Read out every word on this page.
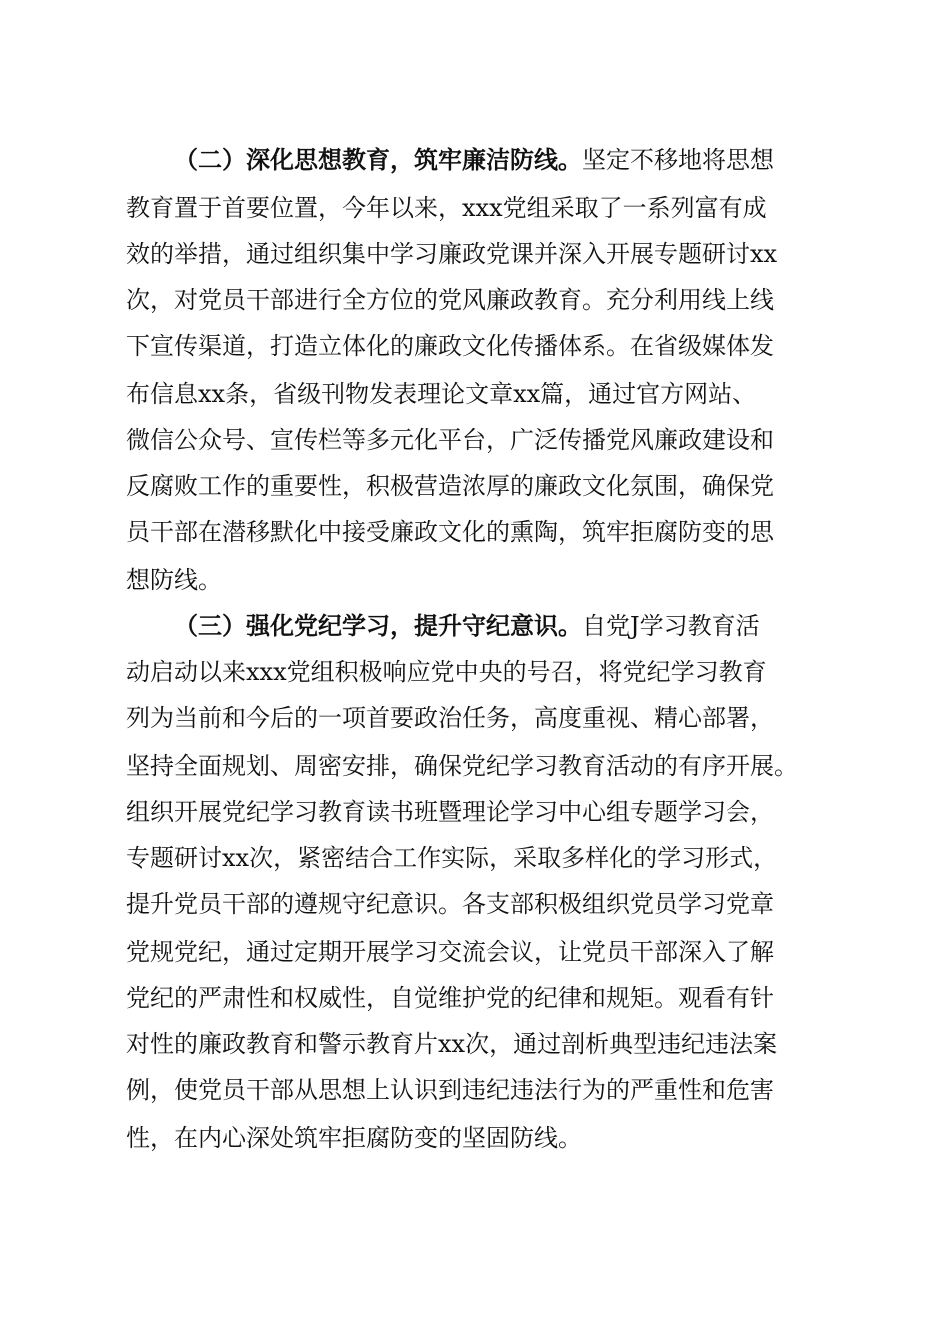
（二）深化思想教育，筑牢廉洁防线。坚定不移地将思想

教育置于首要位置，今年以来，xxx党组采取了一系列富有成

效的举措，通过组织集中学习廉政党课并深入开展专题研讨xx

次，对党员干部进行全方位的党风廉政教育。充分利用线上线

下宣传渠道，打造立体化的廉政文化传播体系。在省级媒体发

布信息xx条，省级刊物发表理论文章xx篇，通过官方网站、

微信公众号、宣传栏等多元化平台，广泛传播党风廉政建设和

反腐败工作的重要性，积极营造浓厚的廉政文化氛围，确保党

员干部在潜移默化中接受廉政文化的熏陶，筑牢拒腐防变的思

想防线。

（三）强化党纪学习，提升守纪意识。自党J学习教育活

动启动以来xxx党组积极响应党中央的号召，将党纪学习教育

列为当前和今后的一项首要政治任务，高度重视、精心部署，

坚持全面规划、周密安排，确保党纪学习教育活动的有序开展。

组织开展党纪学习教育读书班暨理论学习中心组专题学习会，

专题研讨xx次，紧密结合工作实际，采取多样化的学习形式，

提升党员干部的遵规守纪意识。各支部积极组织党员学习党章

党规党纪，通过定期开展学习交流会议，让党员干部深入了解

党纪的严肃性和权威性，自觉维护党的纪律和规矩。观看有针

对性的廉政教育和警示教育片xx次，通过剖析典型违纪违法案

例，使党员干部从思想上认识到违纪违法行为的严重性和危害

性，在内心深处筑牢拒腐防变的坚固防线。
